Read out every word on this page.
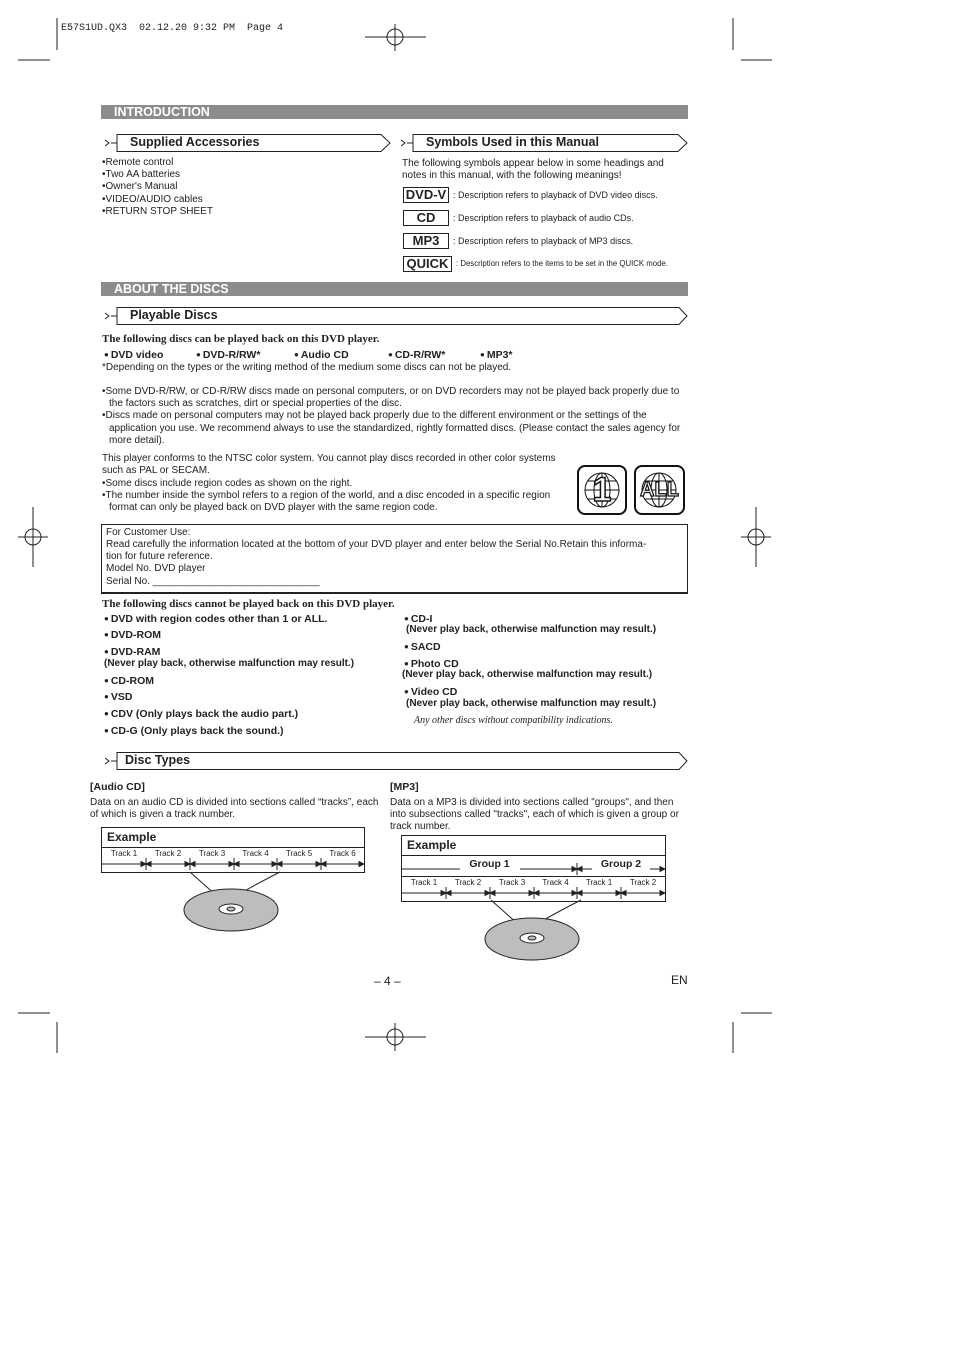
E57S1UD.QX3  02.12.20 9:32 PM  Page 4
INTRODUCTION
Supplied Accessories
• Remote control
• Two AA batteries
• Owner's Manual
• VIDEO/AUDIO cables
• RETURN STOP SHEET
Symbols Used in this Manual
The following symbols appear below in some headings and notes in this manual, with the following meanings!
DVD-V : Description refers to playback of DVD video discs.
CD	: Description refers to playback of audio CDs.
MP3	: Description refers to playback of MP3 discs.
QUICK : Description refers to the items to be set in the QUICK mode.
ABOUT THE DISCS
Playable Discs
The following discs can be played back on this DVD player.
● DVD video	● DVD-R/RW*	● Audio CD	● CD-R/RW*	● MP3*
*Depending on the types or the writing method of the medium some discs can not be played.
• Some DVD-R/RW, or CD-R/RW discs made on personal computers, or on DVD recorders may not be played back properly due to the factors such as scratches, dirt or special properties of the disc.
• Discs made on personal computers may not be played back properly due to the different environment or the settings of the application you use. We recommend always to use the standardized, rightly formatted discs. (Please contact the sales agency for more detail).
This player conforms to the NTSC color system. You cannot play discs recorded in other color systems such as PAL or SECAM.
• Some discs include region codes as shown on the right.
• The number inside the symbol refers to a region of the world, and a disc encoded in a specific region format can only be played back on DVD player with the same region code.	1	ALL
For Customer Use:
Read carefully the information located at the bottom of your DVD player and enter below the Serial No.Retain this informa-
tion for future reference.
Model No. DVD player
Serial No. ______________________________
The following discs cannot be played back on this DVD player.
● DVD with region codes other than 1 or ALL.
● DVD-ROM
● DVD-RAM
(Never play back, otherwise malfunction may result.)
● CD-ROM
● VSD
● CDV (Only plays back the audio part.)
● CD-G (Only plays back the sound.)
● CD-I
(Never play back, otherwise malfunction may result.)
● SACD
● Photo CD
(Never play back, otherwise malfunction may result.)
● Video CD
(Never play back, otherwise malfunction may result.)
Any other discs without compatibility indications.
Disc Types
[Audio CD]
Data on an audio CD is divided into sections called “tracks”, each of which is given a track number.
Example
Track 1	Track 2	Track 3	Track 4	Track 5	Track 6
[MP3]
Data on a MP3 is divided into sections called "groups", and then into subsections called "tracks", each of which is given a group or track number.
Example
Group 1	Group 2
Track 1	Track 2	Track 3	Track 4	Track 1	Track 2
– 4 –	EN
